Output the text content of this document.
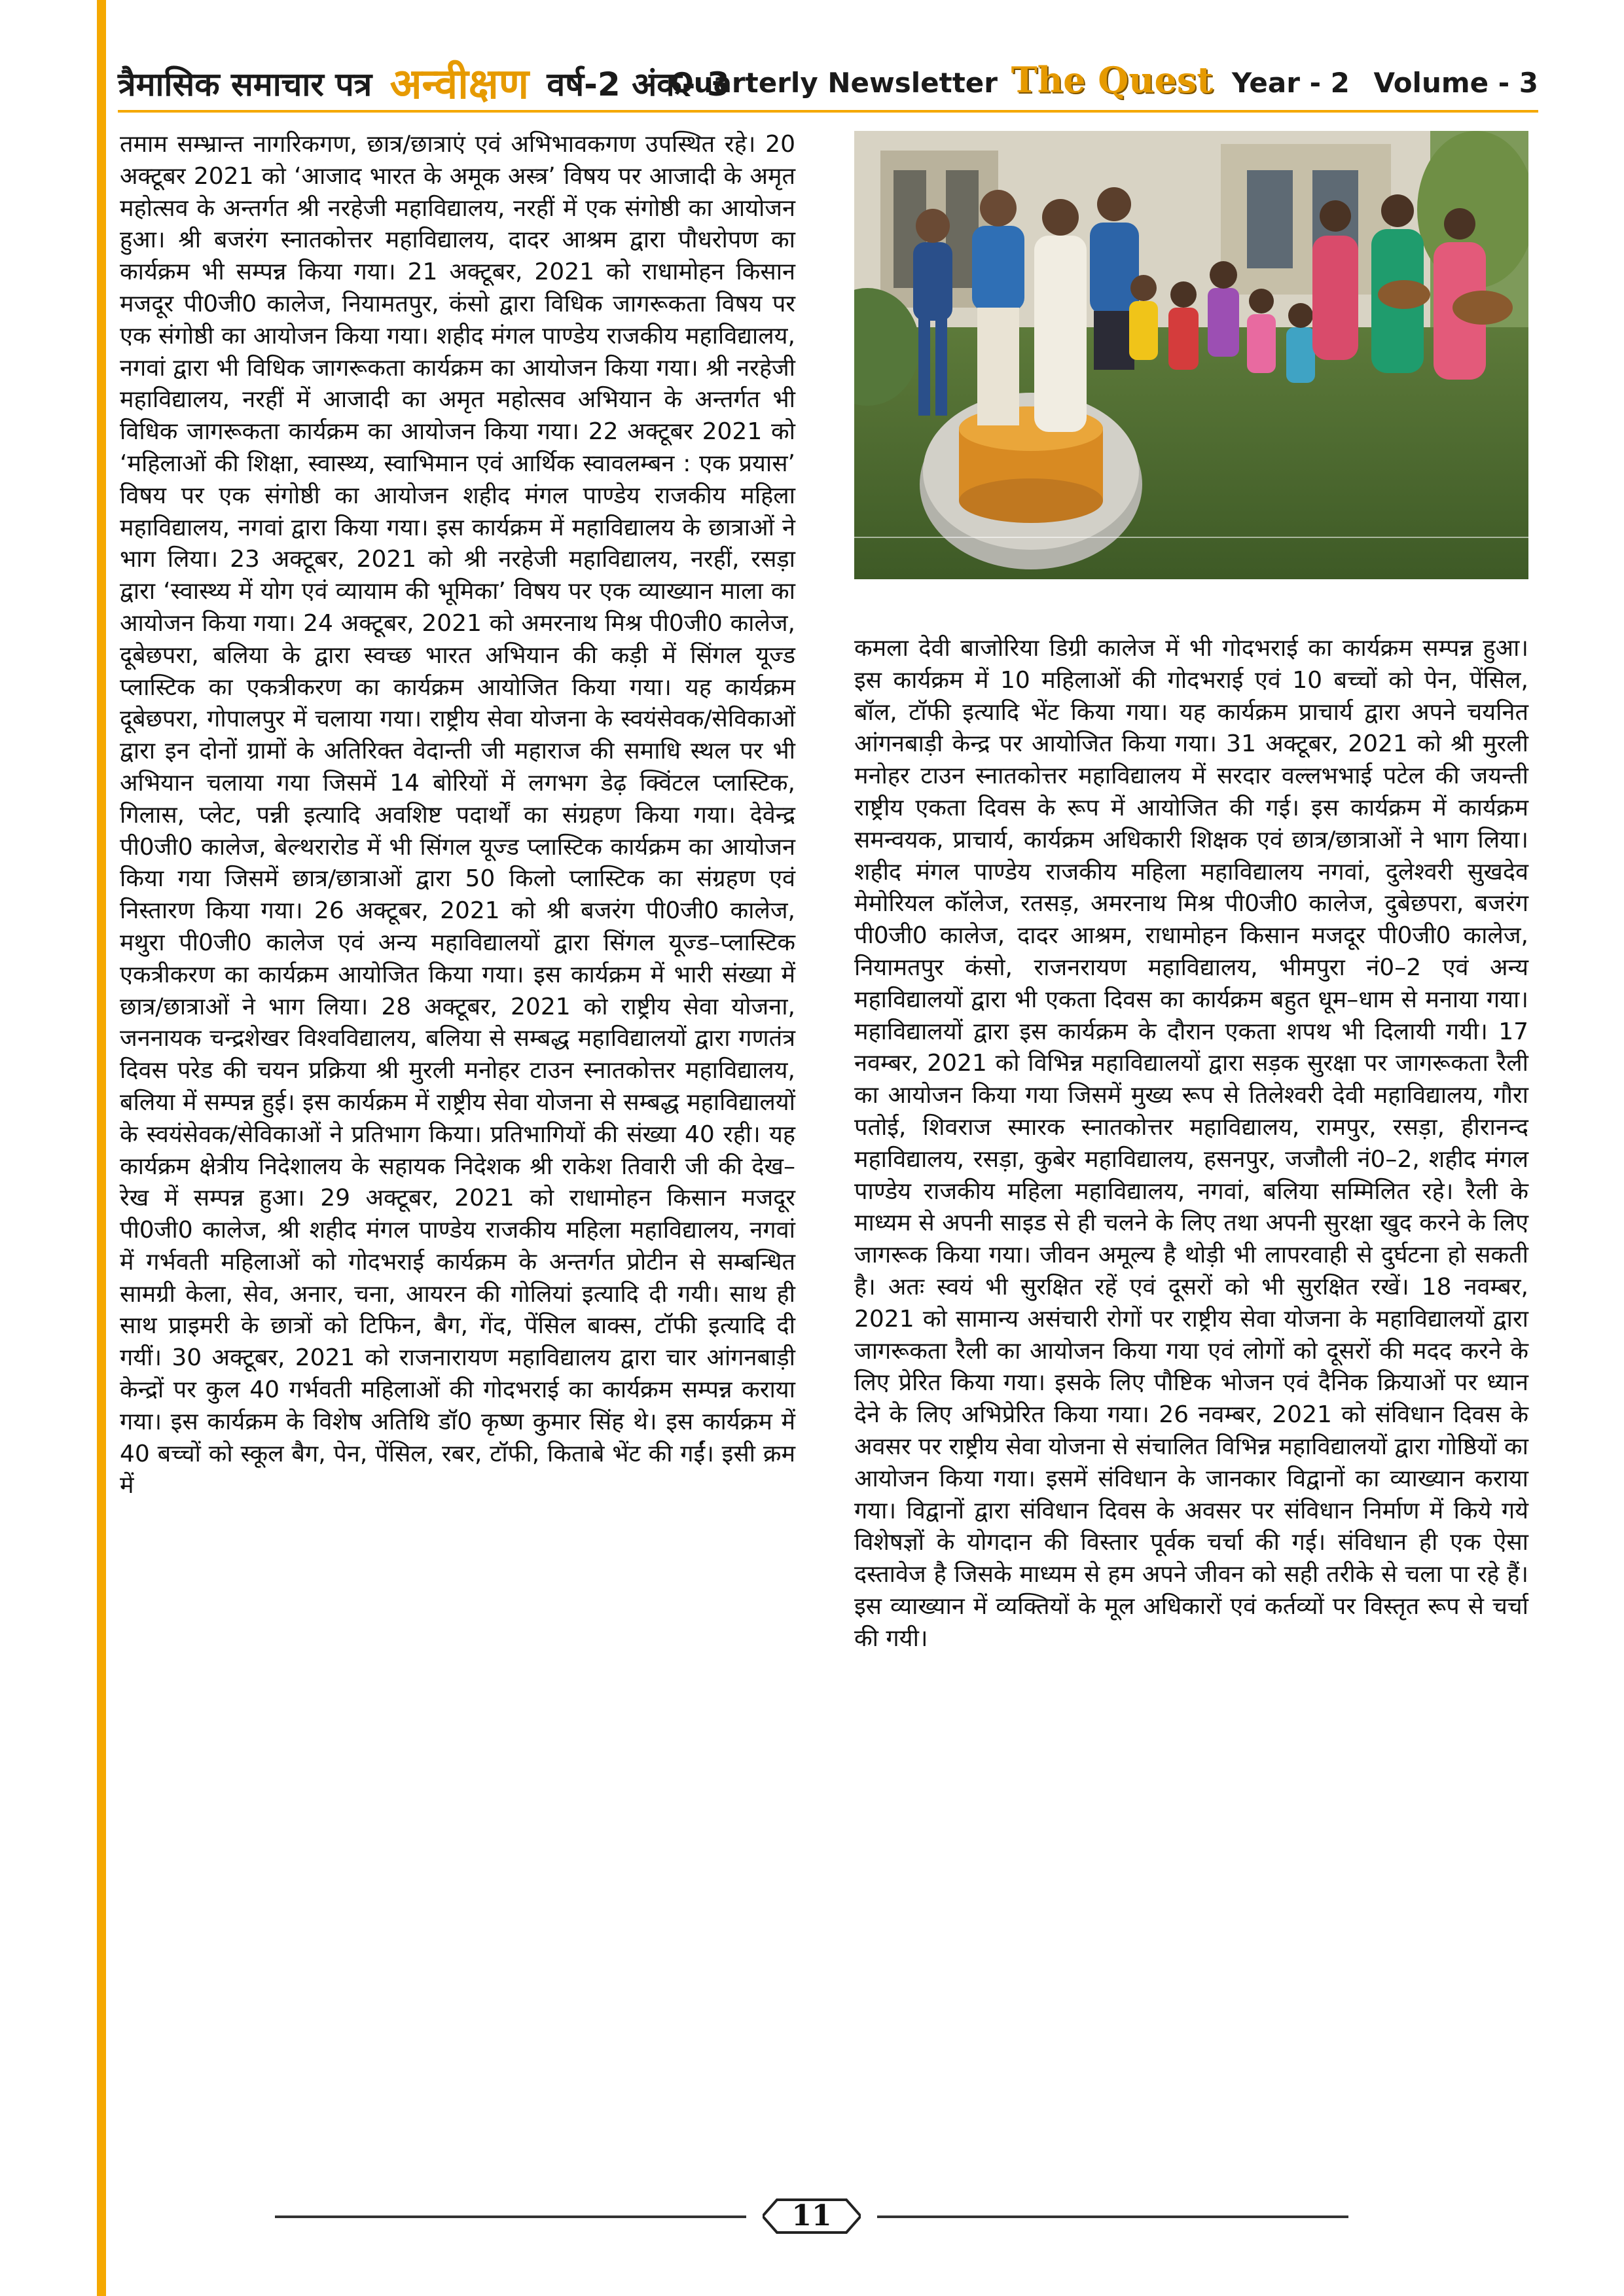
त्रैमासिक समाचार पत्र अन्वीक्षण वर्ष-2 अंक- 3
Quarterly Newsletter The Quest Year - 2 Volume - 3
तमाम सम्भ्रान्त नागरिकगण, छात्र/छात्राएं एवं अभिभावकगण उपस्थित रहे। 20 अक्टूबर 2021 को ‘आजाद भारत के अमूक अस्त्र’ विषय पर आजादी के अमृत महोत्सव के अन्तर्गत श्री नरहेजी महाविद्यालय, नरहीं में एक संगोष्ठी का आयोजन हुआ। श्री बजरंग स्नातकोत्तर महाविद्यालय, दादर आश्रम द्वारा पौधरोपण का कार्यक्रम भी सम्पन्न किया गया। 21 अक्टूबर, 2021 को राधामोहन किसान मजदूर पी0जी0 कालेज, नियामतपुर, कंसो द्वारा विधिक जागरूकता विषय पर एक संगोष्ठी का आयोजन किया गया। शहीद मंगल पाण्डेय राजकीय महाविद्यालय, नगवां द्वारा भी विधिक जागरूकता कार्यक्रम का आयोजन किया गया। श्री नरहेजी महाविद्यालय, नरहीं में आजादी का अमृत महोत्सव अभियान के अन्तर्गत भी विधिक जागरूकता कार्यक्रम का आयोजन किया गया। 22 अक्टूबर 2021 को ‘महिलाओं की शिक्षा, स्वास्थ्य, स्वाभिमान एवं आर्थिक स्वावलम्बन : एक प्रयास’ विषय पर एक संगोष्ठी का आयोजन शहीद मंगल पाण्डेय राजकीय महिला महाविद्यालय, नगवां द्वारा किया गया। इस कार्यक्रम में महाविद्यालय के छात्राओं ने भाग लिया। 23 अक्टूबर, 2021 को श्री नरहेजी महाविद्यालय, नरहीं, रसड़ा द्वारा ‘स्वास्थ्य में योग एवं व्यायाम की भूमिका’ विषय पर एक व्याख्यान माला का आयोजन किया गया। 24 अक्टूबर, 2021 को अमरनाथ मिश्र पी0जी0 कालेज, दूबेछपरा, बलिया के द्वारा स्वच्छ भारत अभियान की कड़ी में सिंगल यूज्ड प्लास्टिक का एकत्रीकरण का कार्यक्रम आयोजित किया गया। यह कार्यक्रम दूबेछपरा, गोपालपुर में चलाया गया। राष्ट्रीय सेवा योजना के स्वयंसेवक/सेविकाओं द्वारा इन दोनों ग्रामों के अतिरिक्त वेदान्ती जी महाराज की समाधि स्थल पर भी अभियान चलाया गया जिसमें 14 बोरियों में लगभग डेढ़ क्विंटल प्लास्टिक, गिलास, प्लेट, पन्नी इत्यादि अवशिष्ट पदार्थों का संग्रहण किया गया। देवेन्द्र पी0जी0 कालेज, बेल्थरारोड में भी सिंगल यूज्ड प्लास्टिक कार्यक्रम का आयोजन किया गया जिसमें छात्र/छात्राओं द्वारा 50 किलो प्लास्टिक का संग्रहण एवं निस्तारण किया गया। 26 अक्टूबर, 2021 को श्री बजरंग पी0जी0 कालेज, मथुरा पी0जी0 कालेज एवं अन्य महाविद्यालयों द्वारा सिंगल यूज्ड–प्लास्टिक एकत्रीकरण का कार्यक्रम आयोजित किया गया। इस कार्यक्रम में भारी संख्या में छात्र/छात्राओं ने भाग लिया। 28 अक्टूबर, 2021 को राष्ट्रीय सेवा योजना, जननायक चन्द्रशेखर विश्वविद्यालय, बलिया से सम्बद्ध महाविद्यालयों द्वारा गणतंत्र दिवस परेड की चयन प्रक्रिया श्री मुरली मनोहर टाउन स्नातकोत्तर महाविद्यालय, बलिया में सम्पन्न हुई। इस कार्यक्रम में राष्ट्रीय सेवा योजना से सम्बद्ध महाविद्यालयों के स्वयंसेवक/सेविकाओं ने प्रतिभाग किया। प्रतिभागियों की संख्या 40 रही। यह कार्यक्रम क्षेत्रीय निदेशालय के सहायक निदेशक श्री राकेश तिवारी जी की देख–रेख में सम्पन्न हुआ। 29 अक्टूबर, 2021 को राधामोहन किसान मजदूर पी0जी0 कालेज, श्री शहीद मंगल पाण्डेय राजकीय महिला महाविद्यालय, नगवां में गर्भवती महिलाओं को गोदभराई कार्यक्रम के अन्तर्गत प्रोटीन से सम्बन्धित सामग्री केला, सेव, अनार, चना, आयरन की गोलियां इत्यादि दी गयी। साथ ही साथ प्राइमरी के छात्रों को टिफिन, बैग, गेंद, पेंसिल बाक्स, टॉफी इत्यादि दी गयीं। 30 अक्टूबर, 2021 को राजनारायण महाविद्यालय द्वारा चार आंगनबाड़ी केन्द्रों पर कुल 40 गर्भवती महिलाओं की गोदभराई का कार्यक्रम सम्पन्न कराया गया। इस कार्यक्रम के विशेष अतिथि डॉ0 कृष्ण कुमार सिंह थे। इस कार्यक्रम में 40 बच्चों को स्कूल बैग, पेन, पेंसिल, रबर, टॉफी, किताबे भेंट की गईं। इसी क्रम में
कमला देवी बाजोरिया डिग्री कालेज में भी गोदभराई का कार्यक्रम सम्पन्न हुआ। इस कार्यक्रम में 10 महिलाओं की गोदभराई एवं 10 बच्चों को पेन, पेंसिल, बॉल, टॉफी इत्यादि भेंट किया गया। यह कार्यक्रम प्राचार्य द्वारा अपने चयनित आंगनबाड़ी केन्द्र पर आयोजित किया गया। 31 अक्टूबर, 2021 को श्री मुरली मनोहर टाउन स्नातकोत्तर महाविद्यालय में सरदार वल्लभभाई पटेल की जयन्ती राष्ट्रीय एकता दिवस के रूप में आयोजित की गई। इस कार्यक्रम में कार्यक्रम समन्वयक, प्राचार्य, कार्यक्रम अधिकारी शिक्षक एवं छात्र/छात्राओं ने भाग लिया। शहीद मंगल पाण्डेय राजकीय महिला महाविद्यालय नगवां, दुलेश्वरी सुखदेव मेमोरियल कॉलेज, रतसड़, अमरनाथ मिश्र पी0जी0 कालेज, दुबेछपरा, बजरंग पी0जी0 कालेज, दादर आश्रम, राधामोहन किसान मजदूर पी0जी0 कालेज, नियामतपुर कंसो, राजनरायण महाविद्यालय, भीमपुरा नं0–2 एवं अन्य महाविद्यालयों द्वारा भी एकता दिवस का कार्यक्रम बहुत धूम–धाम से मनाया गया। महाविद्यालयों द्वारा इस कार्यक्रम के दौरान एकता शपथ भी दिलायी गयी। 17 नवम्बर, 2021 को विभिन्न महाविद्यालयों द्वारा सड़क सुरक्षा पर जागरूकता रैली का आयोजन किया गया जिसमें मुख्य रूप से तिलेश्वरी देवी महाविद्यालय, गौरा पतोई, शिवराज स्मारक स्नातकोत्तर महाविद्यालय, रामपुर, रसड़ा, हीरानन्द महाविद्यालय, रसड़ा, कुबेर महाविद्यालय, हसनपुर, जजौली नं0–2, शहीद मंगल पाण्डेय राजकीय महिला महाविद्यालय, नगवां, बलिया सम्मिलित रहे। रैली के माध्यम से अपनी साइड से ही चलने के लिए तथा अपनी सुरक्षा खुद करने के लिए जागरूक किया गया। जीवन अमूल्य है थोड़ी भी लापरवाही से दुर्घटना हो सकती है। अतः स्वयं भी सुरक्षित रहें एवं दूसरों को भी सुरक्षित रखें। 18 नवम्बर, 2021 को सामान्य असंचारी रोगों पर राष्ट्रीय सेवा योजना के महाविद्यालयों द्वारा जागरूकता रैली का आयोजन किया गया एवं लोगों को दूसरों की मदद करने के लिए प्रेरित किया गया। इसके लिए पौष्टिक भोजन एवं दैनिक क्रियाओं पर ध्यान देने के लिए अभिप्रेरित किया गया। 26 नवम्बर, 2021 को संविधान दिवस के अवसर पर राष्ट्रीय सेवा योजना से संचालित विभिन्न महाविद्यालयों द्वारा गोष्ठियों का आयोजन किया गया। इसमें संविधान के जानकार विद्वानों का व्याख्यान कराया गया। विद्वानों द्वारा संविधान दिवस के अवसर पर संविधान निर्माण में किये गये विशेषज्ञों के योगदान की विस्तार पूर्वक चर्चा की गई। संविधान ही एक ऐसा दस्तावेज है जिसके माध्यम से हम अपने जीवन को सही तरीके से चला पा रहे हैं। इस व्याख्यान में व्यक्तियों के मूल अधिकारों एवं कर्तव्यों पर विस्तृत रूप से चर्चा की गयी।
11
